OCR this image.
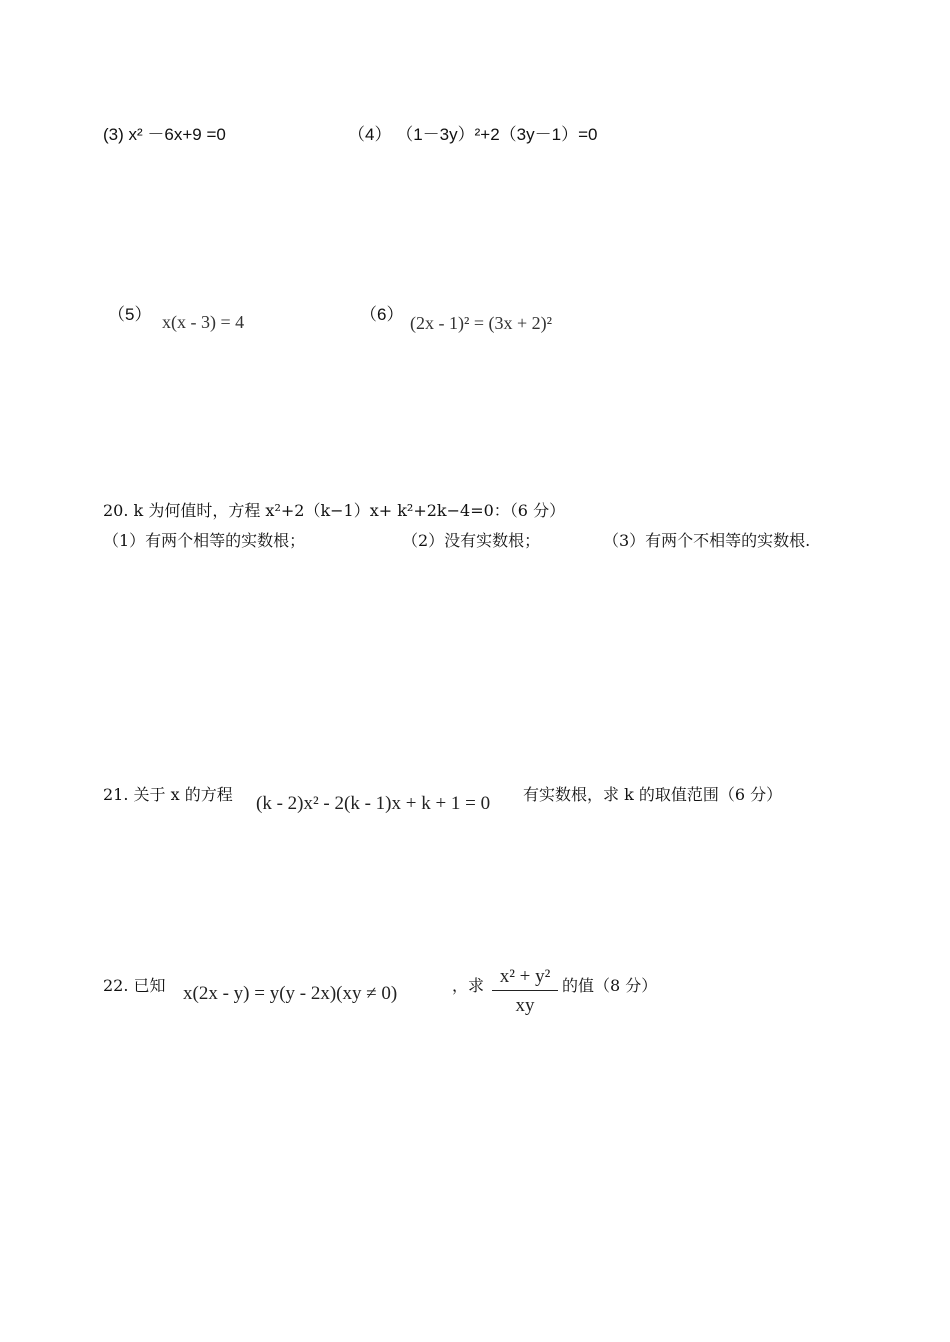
(3) x² －6x+9 =0	（4） （1－3y）²+2（3y－1）=0
（5） x(x - 3) = 4	（6） (2x - 1)² = (3x + 2)²
20. k 为何值时，方程 x²+2（k−1）x+ k²+2k−4=0：（6 分）
（1）有两个相等的实数根；	（2）没有实数根；	（3）有两个不相等的实数根.
21. 关于 x 的方程 (k - 2)x² - 2(k - 1)x + k + 1 = 0 有实数根，求 k 的取值范围（6 分）
22. 已知 x(2x - y) = y(y - 2x)(xy ≠ 0)	，求 x² + y²
xy
的值（8 分）
